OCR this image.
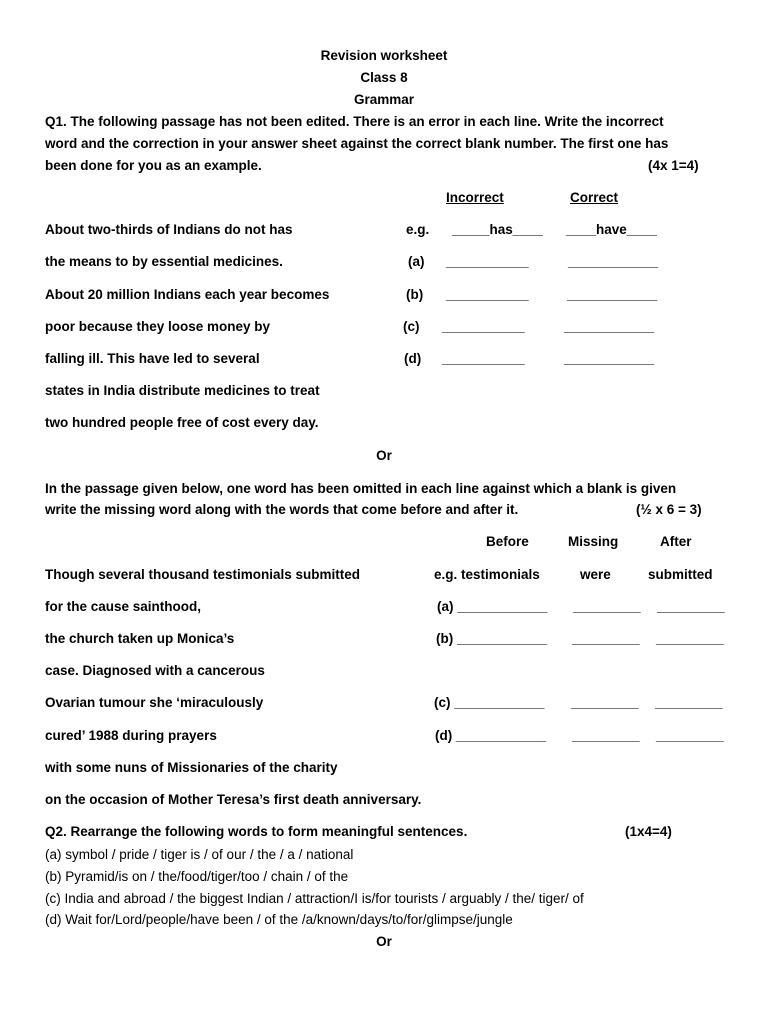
Revision worksheet
Class 8
Grammar
Q1. The following passage has not been edited. There is an error in each line. Write the incorrect
word and the correction in your answer sheet against the correct blank number. The first one has
been done for you as an example.	(4x 1=4)
Incorrect	Correct
About two-thirds of Indians do not has	e.g. _____has____ ____have____
the means to by essential medicines.	(a) ___________	____________
About 20 million Indians each year becomes	(b) ___________	____________
poor because they loose money by	(c) ___________	____________
falling ill. This have led to several	(d) ___________	____________
states in India distribute medicines to treat
two hundred people free of cost every day.
Or
In the passage given below, one word has been omitted in each line against which a blank is given
write the missing word along with the words that come before and after it.	(½ x 6 = 3)
Before	Missing	After
Though several thousand testimonials submitted	e.g. testimonials	were	submitted
for the cause sainthood,	(a) ____________ _________ _________
the church taken up Monica’s	(b) ____________ _________ _________
case. Diagnosed with a cancerous
Ovarian tumour she ‘miraculously	(c) ____________ _________ _________
cured’ 1988 during prayers	(d) ____________ _________ _________
with some nuns of Missionaries of the charity
on the occasion of Mother Teresa’s first death anniversary.
Q2. Rearrange the following words to form meaningful sentences.	(1x4=4)
(a) symbol / pride / tiger is / of our / the / a / national
(b) Pyramid/is on / the/food/tiger/too / chain / of the
(c) India and abroad / the biggest Indian / attraction/I is/for tourists / arguably / the/ tiger/ of
(d) Wait for/Lord/people/have been / of the /a/known/days/to/for/glimpse/jungle
Or
